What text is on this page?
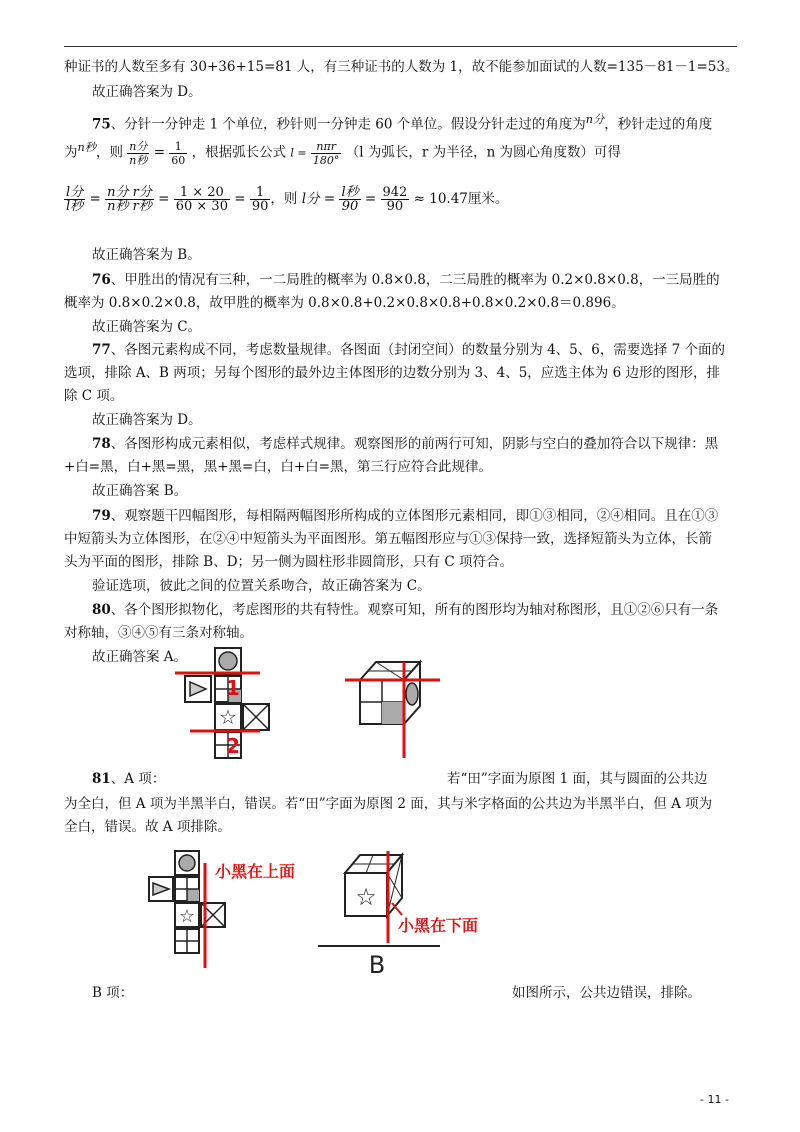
种证书的人数至多有 30+36+15=81 人，有三种证书的人数为 1，故不能参加面试的人数=135－81－1=53。
故正确答案为 D。
75、分针一分钟走 1 个单位，秒针则一分钟走 60 个单位。假设分针走过的角度为$^{n分}$，秒针走过的角度
为$^{n秒}$，则 $\frac{\text{n分}}{\text{n秒}} = \frac{1}{60}$ ，根据弧长公式 $l = \frac{\text{nπr}}{180^\circ} (l$ 为弧长，r 为半径，n 为圆心角度数）可得
$\frac{\text{l分}}{\text{l秒}} = \frac{\text{n分 r分}}{\text{n秒 r秒}} = \frac{1 \times 20}{60 \times 30} = \frac{1}{90}$ ，则 l分 = $\frac{\text{l秒}}{90} = \frac{942}{90} \approx 10.47$厘米。
故正确答案为 B。
76、甲胜出的情况有三种，一二局胜的概率为 0.8×0.8，二三局胜的概率为 0.2×0.8×0.8，一三局胜的
概率为 0.8×0.2×0.8，故甲胜的概率为 0.8×0.8+0.2×0.8×0.8+0.8×0.2×0.8＝0.896。
故正确答案为 C。
77、各图元素构成不同，考虑数量规律。各图面（封闭空间）的数量分别为 4、5、6，需要选择 7 个面的
选项，排除 A、B 两项；另每个图形的最外边主体图形的边数分别为 3、4、5，应选主体为 6 边形的图形，排
除 C 项。
故正确答案为 D。
78、各图形构成元素相似，考虑样式规律。观察图形的前两行可知，阴影与空白的叠加符合以下规律：黑
+白=黑，白+黑=黑，黑+黑=白，白+白=黑，第三行应符合此规律。
故正确答案 B。
79、观察题干四幅图形，每相隔两幅图形所构成的立体图形元素相同，即①③相同，②④相同。且在①③
中短箭头为立体图形，在②④中短箭头为平面图形。第五幅图形应与①③保持一致，选择短箭头为立体，长箭
头为平面的图形，排除 B、D；另一侧为圆柱形非圆筒形，只有 C 项符合。
验证选项，彼此之间的位置关系吻合，故正确答案为 C。
80、各个图形拟物化，考虑图形的共有特性。观察可知，所有的图形均为轴对称图形，且①②⑥只有一条
对称轴，③④⑤有三条对称轴。
故正确答案 A。
☆
1
2
81、A 项：	若“田”字面为原图 1 面，其与圆面的公共边
为全白，但 A 项为半黑半白，错误。若“田”字面为原图 2 面，其与米字格面的公共边为半黑半白，但 A 项为
全白，错误。故 A 项排除。
☆
小黑在上面
☆
小黑在下面
B
B 项：	如图所示，公共边错误，排除。
- 11 -
